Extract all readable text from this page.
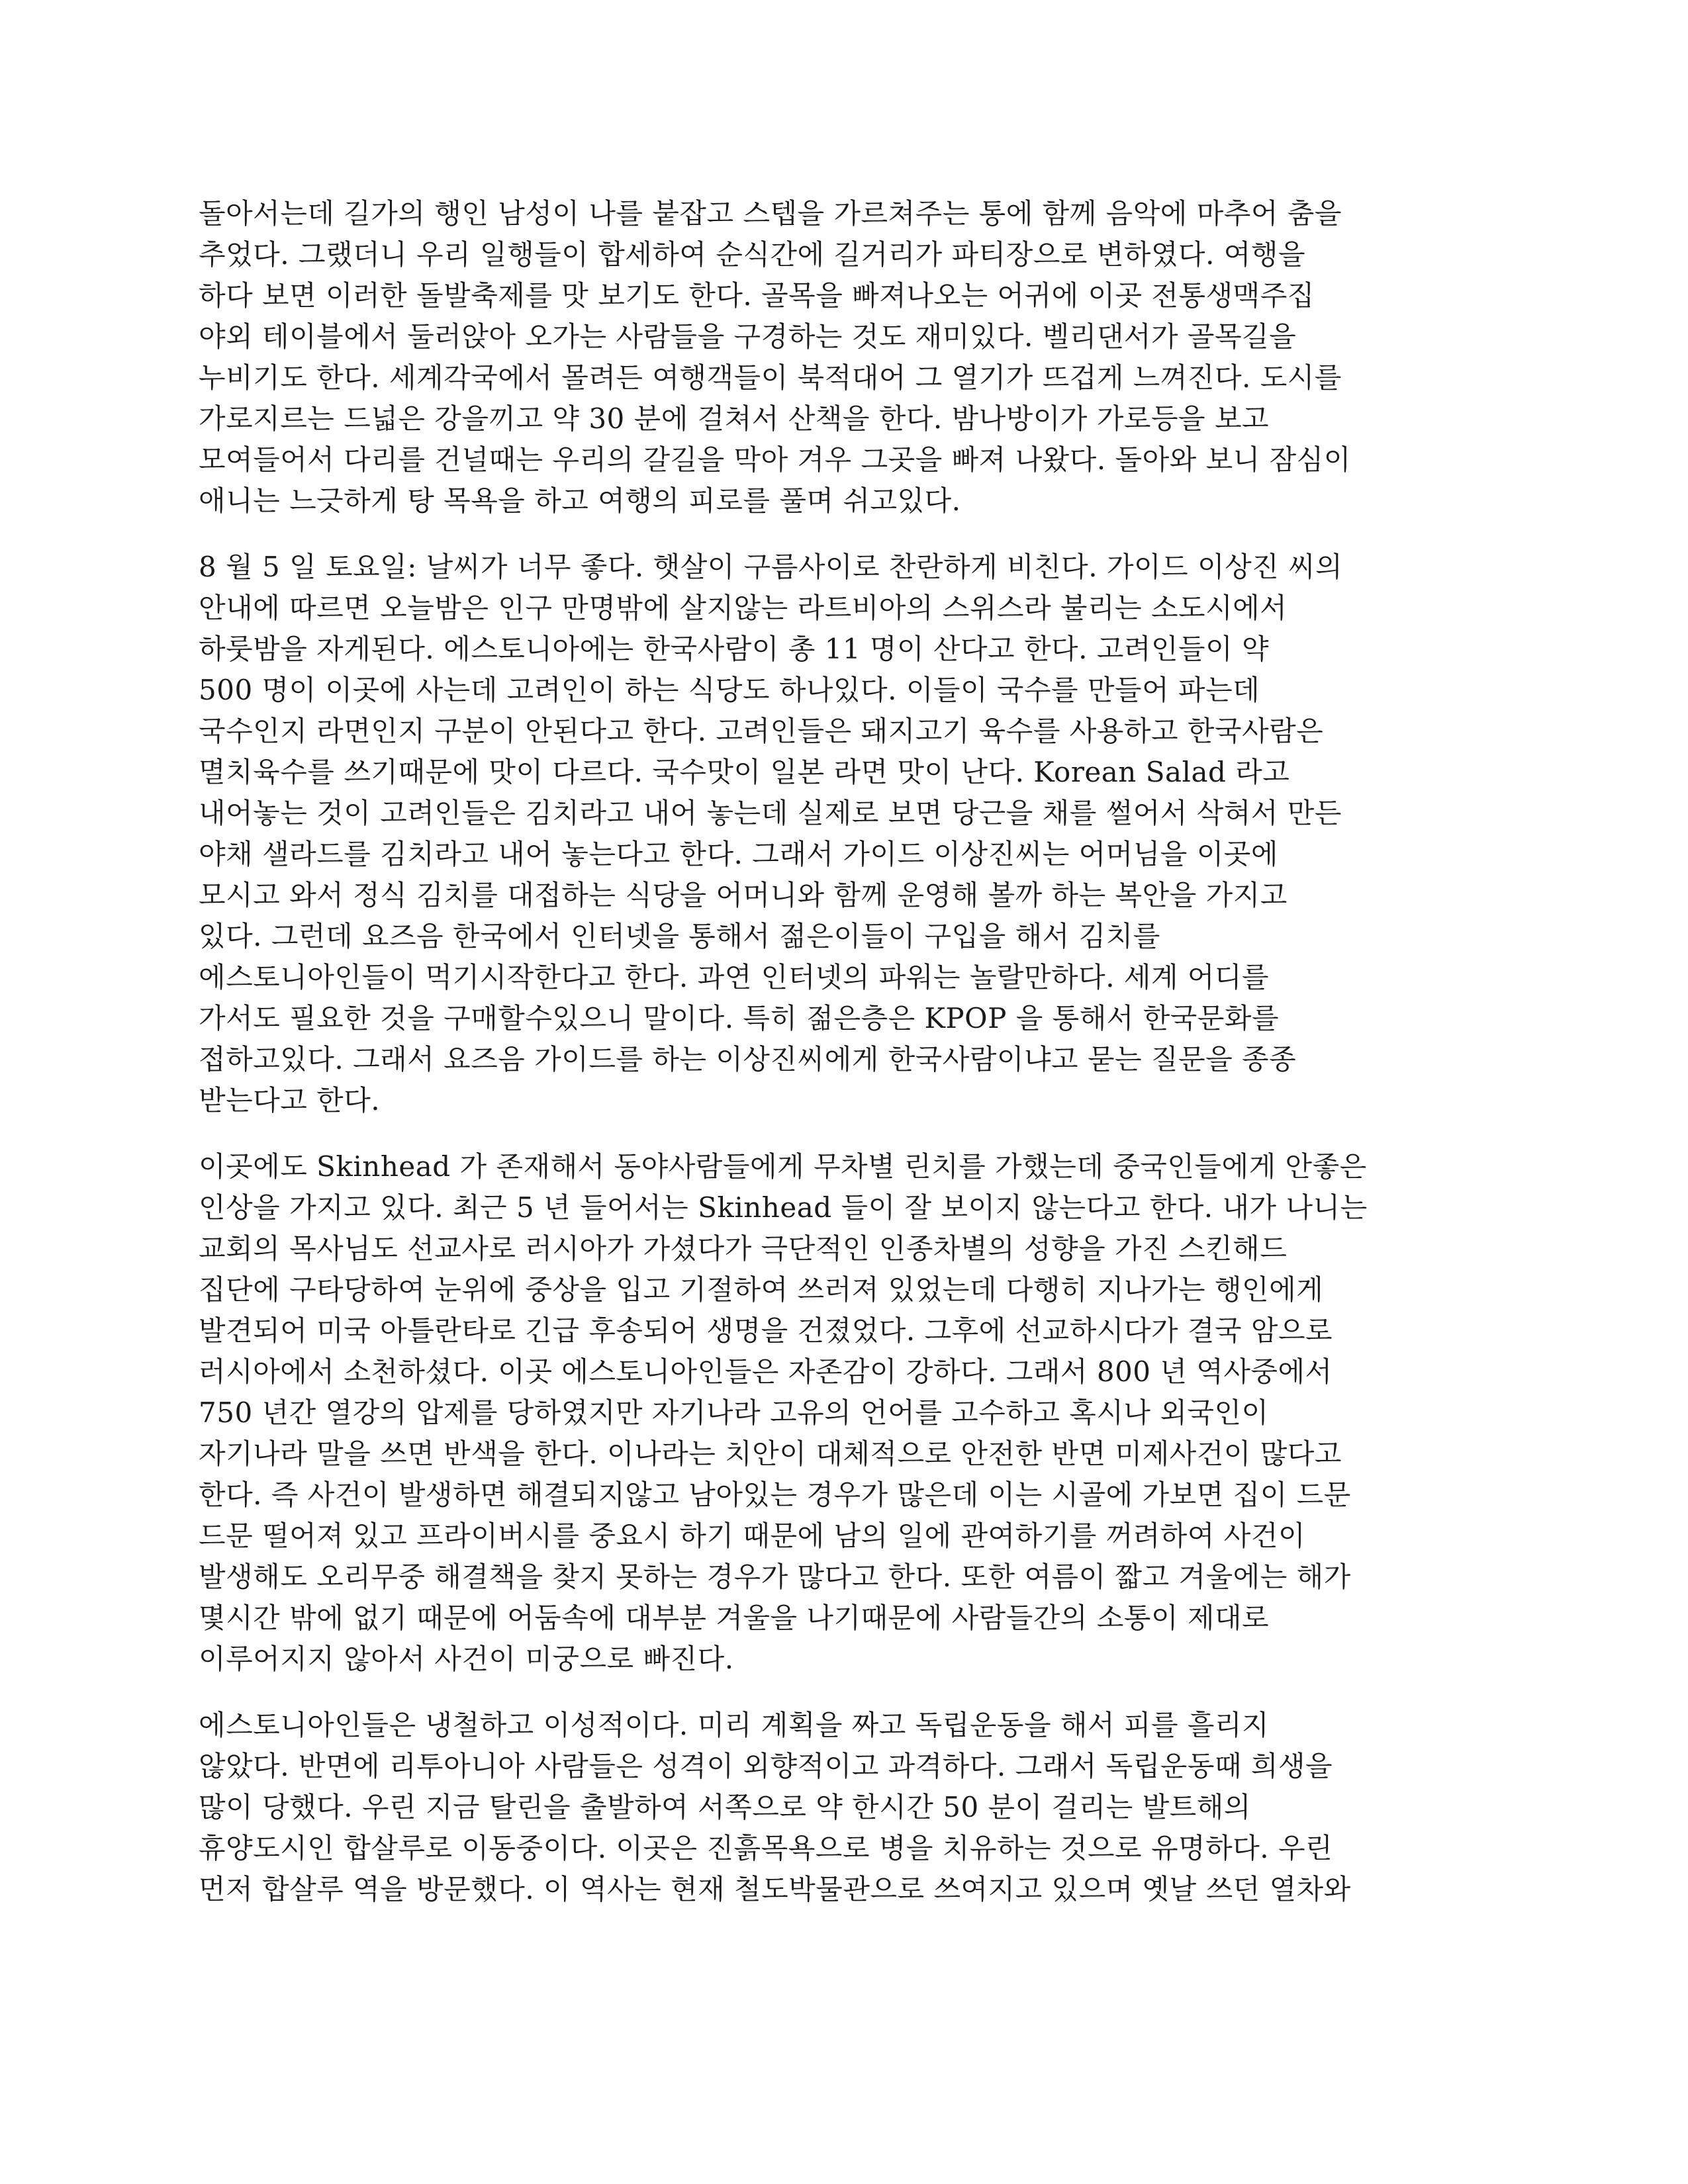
돌아서는데 길가의 행인 남성이 나를 붙잡고 스텝을 가르쳐주는 통에 함께 음악에 마추어 춤을
추었다. 그랬더니 우리 일행들이 합세하여 순식간에 길거리가 파티장으로 변하였다. 여행을
하다 보면 이러한 돌발축제를 맛 보기도 한다. 골목을 빠져나오는 어귀에 이곳 전통생맥주집
야외 테이블에서 둘러앉아 오가는 사람들을 구경하는 것도 재미있다. 벨리댄서가 골목길을
누비기도 한다. 세계각국에서 몰려든 여행객들이 북적대어 그 열기가 뜨겁게 느껴진다. 도시를
가로지르는 드넓은 강을끼고 약 30 분에 걸쳐서 산책을 한다. 밤나방이가 가로등을 보고
모여들어서 다리를 건널때는 우리의 갈길을 막아 겨우 그곳을 빠져 나왔다. 돌아와 보니 잠심이
애니는 느긋하게 탕 목욕을 하고 여행의 피로를 풀며 쉬고있다.
8 월 5 일 토요일: 날씨가 너무 좋다. 햇살이 구름사이로 찬란하게 비친다. 가이드 이상진 씨의
안내에 따르면 오늘밤은 인구 만명밖에 살지않는 라트비아의 스위스라 불리는 소도시에서
하룻밤을 자게된다. 에스토니아에는 한국사람이 총 11 명이 산다고 한다. 고려인들이 약
500 명이 이곳에 사는데 고려인이 하는 식당도 하나있다. 이들이 국수를 만들어 파는데
국수인지 라면인지 구분이 안된다고 한다. 고려인들은 돼지고기 육수를 사용하고 한국사람은
멸치육수를 쓰기때문에 맛이 다르다. 국수맛이 일본 라면 맛이 난다. Korean Salad 라고
내어놓는 것이 고려인들은 김치라고 내어 놓는데 실제로 보면 당근을 채를 썰어서 삭혀서 만든
야채 샐라드를 김치라고 내어 놓는다고 한다. 그래서 가이드 이상진씨는 어머님을 이곳에
모시고 와서 정식 김치를 대접하는 식당을 어머니와 함께 운영해 볼까 하는 복안을 가지고
있다. 그런데 요즈음 한국에서 인터넷을 통해서 젊은이들이 구입을 해서 김치를
에스토니아인들이 먹기시작한다고 한다. 과연 인터넷의 파워는 놀랄만하다. 세계 어디를
가서도 필요한 것을 구매할수있으니 말이다. 특히 젊은층은 KPOP 을 통해서 한국문화를
접하고있다. 그래서 요즈음 가이드를 하는 이상진씨에게 한국사람이냐고 묻는 질문을 종종
받는다고 한다.
이곳에도 Skinhead 가 존재해서 동야사람들에게 무차별 린치를 가했는데 중국인들에게 안좋은
인상을 가지고 있다. 최근 5 년 들어서는 Skinhead 들이 잘 보이지 않는다고 한다. 내가 나니는
교회의 목사님도 선교사로 러시아가 가셨다가 극단적인 인종차별의 성향을 가진 스킨해드
집단에 구타당하여 눈위에 중상을 입고 기절하여 쓰러져 있었는데 다행히 지나가는 행인에게
발견되어 미국 아틀란타로 긴급 후송되어 생명을 건졌었다. 그후에 선교하시다가 결국 암으로
러시아에서 소천하셨다. 이곳 에스토니아인들은 자존감이 강하다. 그래서 800 년 역사중에서
750 년간 열강의 압제를 당하였지만 자기나라 고유의 언어를 고수하고 혹시나 외국인이
자기나라 말을 쓰면 반색을 한다. 이나라는 치안이 대체적으로 안전한 반면 미제사건이 많다고
한다. 즉 사건이 발생하면 해결되지않고 남아있는 경우가 많은데 이는 시골에 가보면 집이 드문
드문 떨어져 있고 프라이버시를 중요시 하기 때문에 남의 일에 관여하기를 꺼려하여 사건이
발생해도 오리무중 해결책을 찾지 못하는 경우가 많다고 한다. 또한 여름이 짧고 겨울에는 해가
몇시간 밖에 없기 때문에 어둠속에 대부분 겨울을 나기때문에 사람들간의 소통이 제대로
이루어지지 않아서 사건이 미궁으로 빠진다.
에스토니아인들은 냉철하고 이성적이다. 미리 계획을 짜고 독립운동을 해서 피를 흘리지
않았다. 반면에 리투아니아 사람들은 성격이 외향적이고 과격하다. 그래서 독립운동때 희생을
많이 당했다. 우린 지금 탈린을 출발하여 서쪽으로 약 한시간 50 분이 걸리는 발트해의
휴양도시인 합살루로 이동중이다. 이곳은 진흙목욕으로 병을 치유하는 것으로 유명하다. 우린
먼저 합살루 역을 방문했다. 이 역사는 현재 철도박물관으로 쓰여지고 있으며 옛날 쓰던 열차와
